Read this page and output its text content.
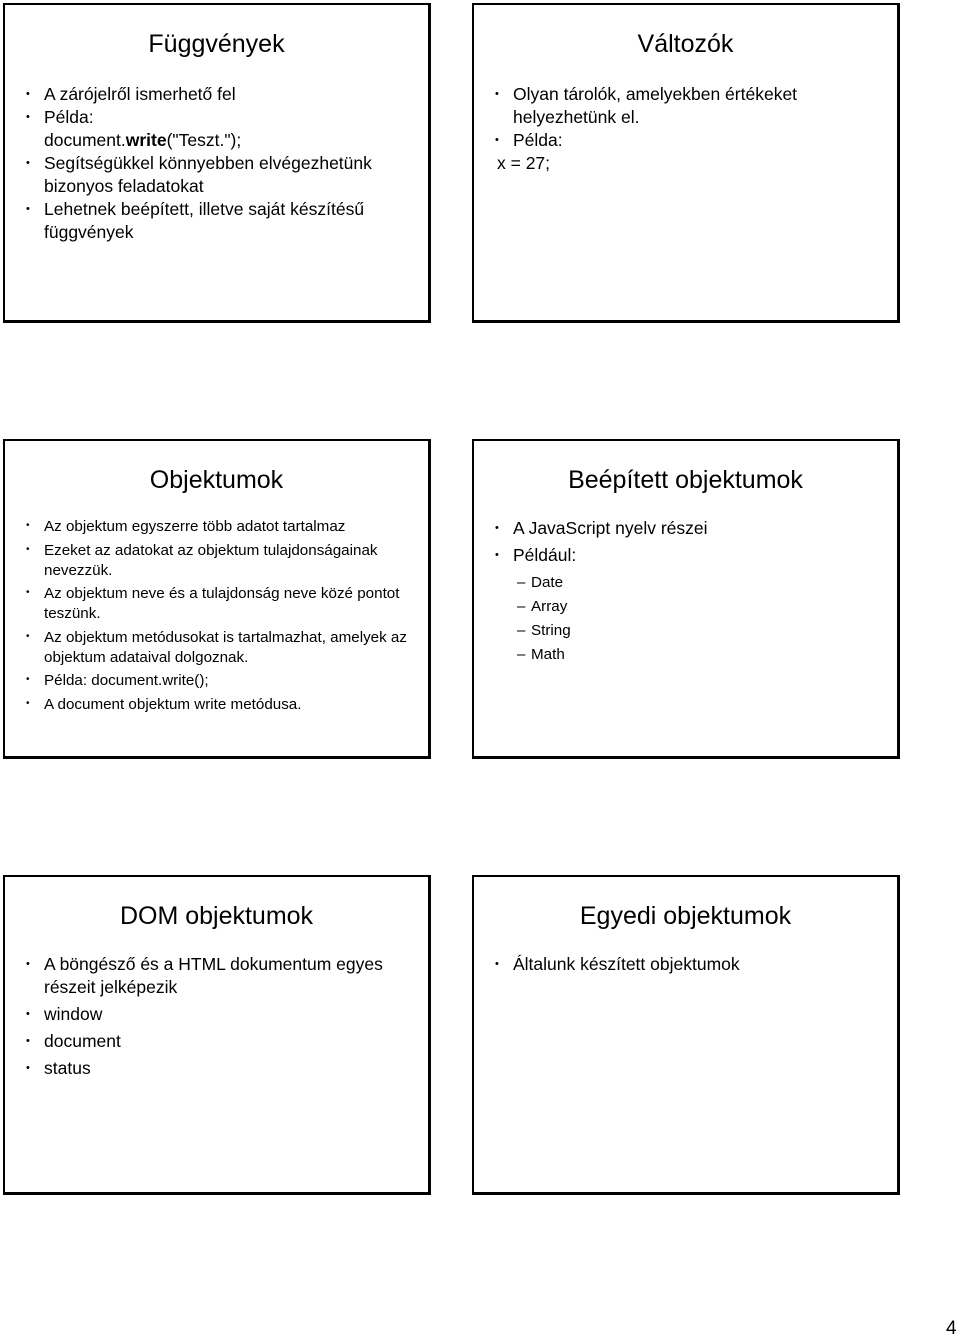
Függvények
• A zárójelről ismerhető fel
• Példa:
document.write("Teszt.");
• Segítségükkel könnyebben elvégezhetünk bizonyos feladatokat
• Lehetnek beépített, illetve saját készítésű függvények
Változók
• Olyan tárolók, amelyekben értékeket helyezhetünk el.
• Példa:
x = 27;
Objektumok
• Az objektum egyszerre több adatot tartalmaz
• Ezeket az adatokat az objektum tulajdonságainak nevezzük.
• Az objektum neve és a tulajdonság neve közé pontot teszünk.
• Az objektum metódusokat is tartalmazhat, amelyek az objektum adataival dolgoznak.
• Példa: document.write();
• A document objektum write metódusa.
Beépített objektumok
• A JavaScript nyelv részei
• Például:
– Date
– Array
– String
– Math
DOM objektumok
• A böngésző és a HTML dokumentum egyes részeit jelképezik
• window
• document
• status
Egyedi objektumok
• Általunk készített objektumok
4
